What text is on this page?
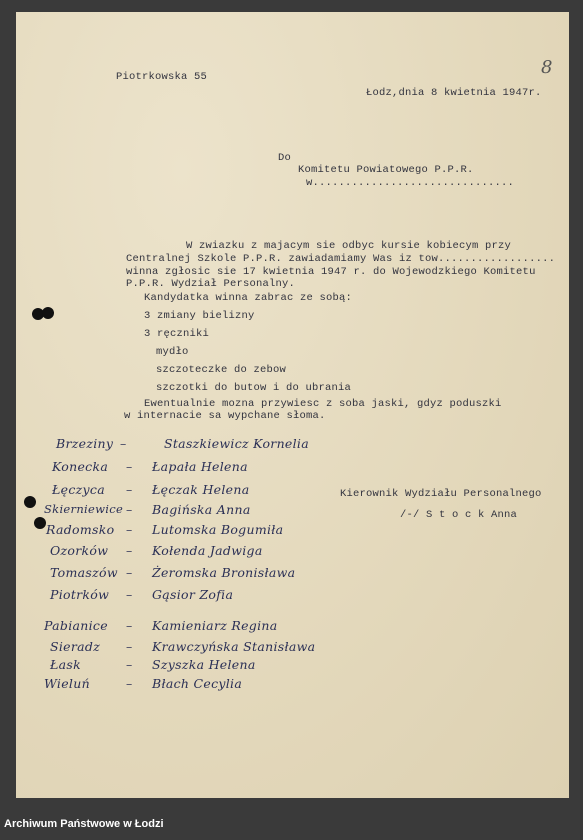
Piotrkowska 55
Łodz,dnia 8 kwietnia 1947r.
8
Do
Komitetu Powiatowego P.P.R.
w...............................
W zwiazku z majacym sie odbyc kursie kobiecym przy
Centralnej Szkole P.P.R. zawiadamiamy Was iz tow..................
winna zgłosic sie 17 kwietnia 1947 r. do Wojewodzkiego Komitetu
P.P.R. Wydział Personalny.
Kandydatka winna zabrac ze sobą:
3 zmiany bielizny
3 ręczniki
mydło
szczoteczke do zebow
szczotki do butow i do ubrania
Ewentualnie mozna przywiesc z soba jaski, gdyz poduszki
w internacie sa wypchane słoma.
Kierownik Wydziału Personalnego
/-/ S t o c k Anna
Brzeziny –	Staszkiewicz Kornelia
Konecka – Łapała Helena
Łęczyca – Łęczak Helena
Skierniewice – Bagińska Anna
Radomsko – Lutomska Bogumiła
Ozorków – Kołenda Jadwiga
Tomaszów – Żeromska Bronisława
Piotrków – Gąsior Zofia
Pabianice – Kamieniarz Regina
Sieradz – Krawczyńska Stanisława
Łask	– Szyszka Helena
Wieluń	– Błach Cecylia
Archiwum Państwowe w Łodzi
